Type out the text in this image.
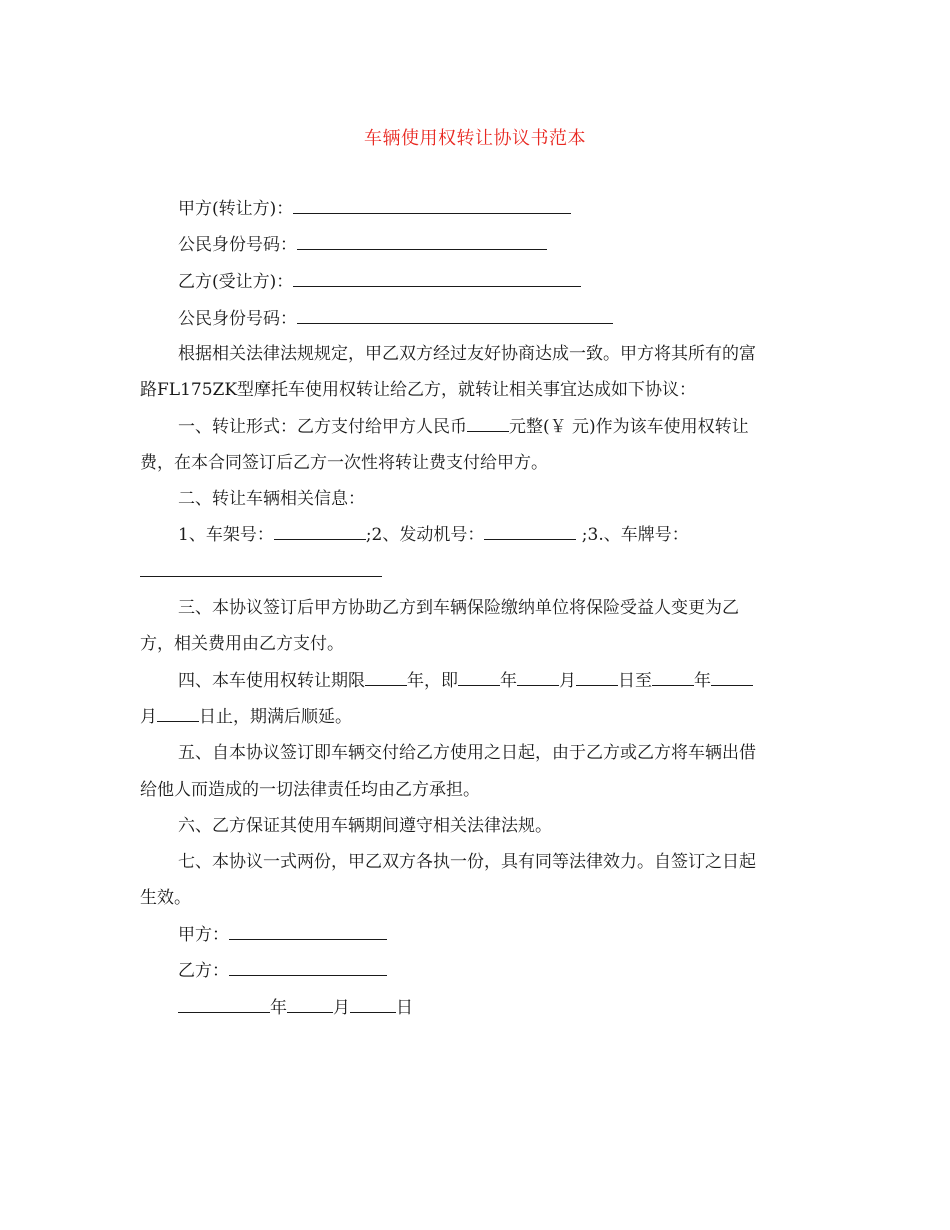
车辆使用权转让协议书范本
甲方(转让方)：
公民身份号码：
乙方(受让方)：
公民身份号码：
根据相关法律法规规定，甲乙双方经过友好协商达成一致。甲方将其所有的富
路FL175ZK型摩托车使用权转让给乙方，就转让相关事宜达成如下协议：
一、转让形式：乙方支付给甲方人民币 元整(￥ 元)作为该车使用权转让
费，在本合同签订后乙方一次性将转让费支付给甲方。
二、转让车辆相关信息：
1、车架号：	;2、发动机号：	;3.、车牌号：
三、本协议签订后甲方协助乙方到车辆保险缴纳单位将保险受益人变更为乙
方，相关费用由乙方支付。
四、本车使用权转让期限 年，即 年 月 日至 年
月 日止，期满后顺延。
五、自本协议签订即车辆交付给乙方使用之日起，由于乙方或乙方将车辆出借
给他人而造成的一切法律责任均由乙方承担。
六、乙方保证其使用车辆期间遵守相关法律法规。
七、本协议一式两份，甲乙双方各执一份，具有同等法律效力。自签订之日起
生效。
甲方：
乙方：
年	月	日
